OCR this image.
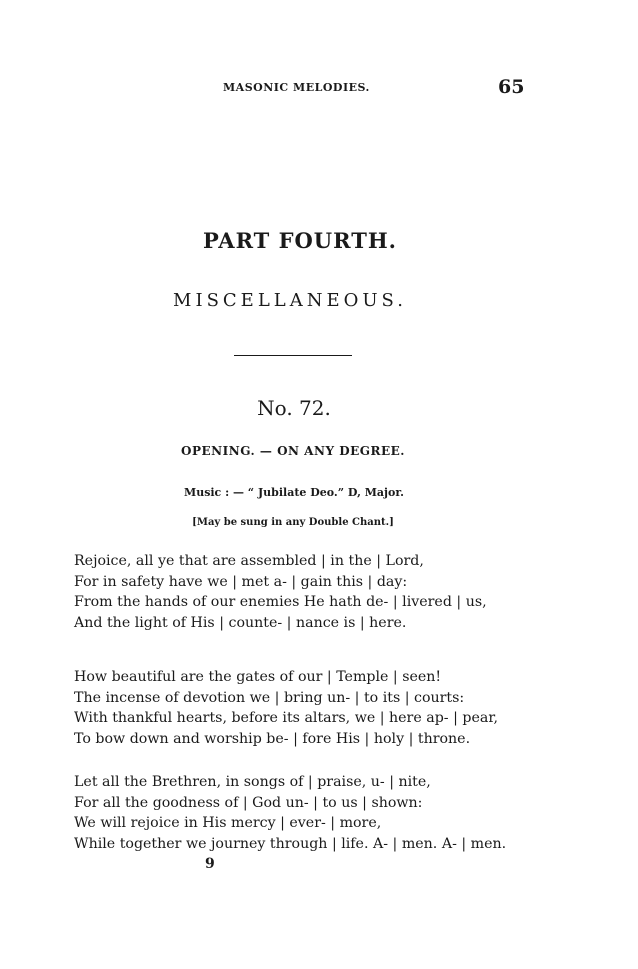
MASONIC MELODIES.	65
PART FOURTH.
MISCELLANEOUS.
No. 72.
OPENING. — ON ANY DEGREE.
Music : — “ Jubilate Deo.” D, Major.
[May be sung in any Double Chant.]
Rejoice, all ye that are assembled | in the | Lord,
For in safety have we | met a- | gain this | day:
From the hands of our enemies He hath de- | livered | us,
And the light of His | counte- | nance is | here.
How beautiful are the gates of our | Temple | seen!
The incense of devotion we | bring un- | to its | courts:
With thankful hearts, before its altars, we | here ap- | pear,
To bow down and worship be- | fore His | holy | throne.
Let all the Brethren, in songs of | praise, u- | nite,
For all the goodness of | God un- | to us | shown:
We will rejoice in His mercy | ever- | more,
While together we journey through | life. A- | men. A- | men.
9
